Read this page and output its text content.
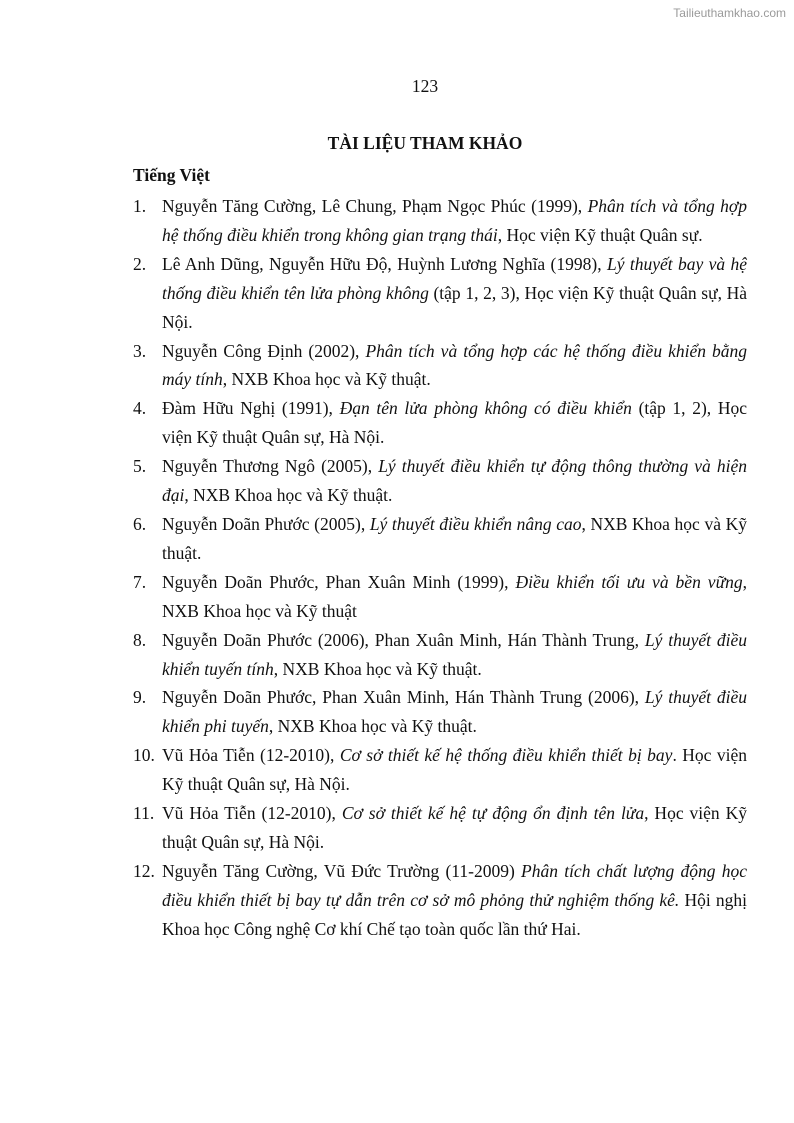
Tailieuthamkhao.com
123
TÀI LIỆU THAM KHẢO
Tiếng Việt
1. Nguyễn Tăng Cường, Lê Chung, Phạm Ngọc Phúc (1999), Phân tích và tổng hợp hệ thống điều khiển trong không gian trạng thái, Học viện Kỹ thuật Quân sự.
2. Lê Anh Dũng, Nguyễn Hữu Độ, Huỳnh Lương Nghĩa (1998), Lý thuyết bay và hệ thống điều khiển tên lửa phòng không (tập 1, 2, 3), Học viện Kỹ thuật Quân sự, Hà Nội.
3. Nguyễn Công Định (2002), Phân tích và tổng hợp các hệ thống điều khiển bằng máy tính, NXB Khoa học và Kỹ thuật.
4. Đàm Hữu Nghị (1991), Đạn tên lửa phòng không có điều khiển (tập 1, 2), Học viện Kỹ thuật Quân sự, Hà Nội.
5. Nguyễn Thương Ngô (2005), Lý thuyết điều khiển tự động thông thường và hiện đại, NXB Khoa học và Kỹ thuật.
6. Nguyễn Doãn Phước (2005), Lý thuyết điều khiển nâng cao, NXB Khoa học và Kỹ thuật.
7. Nguyễn Doãn Phước, Phan Xuân Minh (1999), Điều khiển tối ưu và bền vững, NXB Khoa học và Kỹ thuật
8. Nguyễn Doãn Phước (2006), Phan Xuân Minh, Hán Thành Trung, Lý thuyết điều khiển tuyến tính, NXB Khoa học và Kỹ thuật.
9. Nguyễn Doãn Phước, Phan Xuân Minh, Hán Thành Trung (2006), Lý thuyết điều khiển phi tuyến, NXB Khoa học và Kỹ thuật.
10. Vũ Hỏa Tiễn (12-2010), Cơ sở thiết kế hệ thống điều khiển thiết bị bay. Học viện Kỹ thuật Quân sự, Hà Nội.
11. Vũ Hỏa Tiễn (12-2010), Cơ sở thiết kế hệ tự động ổn định tên lửa, Học viện Kỹ thuật Quân sự, Hà Nội.
12. Nguyễn Tăng Cường, Vũ Đức Trường (11-2009) Phân tích chất lượng động học điều khiển thiết bị bay tự dẫn trên cơ sở mô phỏng thử nghiệm thống kê. Hội nghị Khoa học Công nghệ Cơ khí Chế tạo toàn quốc lần thứ Hai.
